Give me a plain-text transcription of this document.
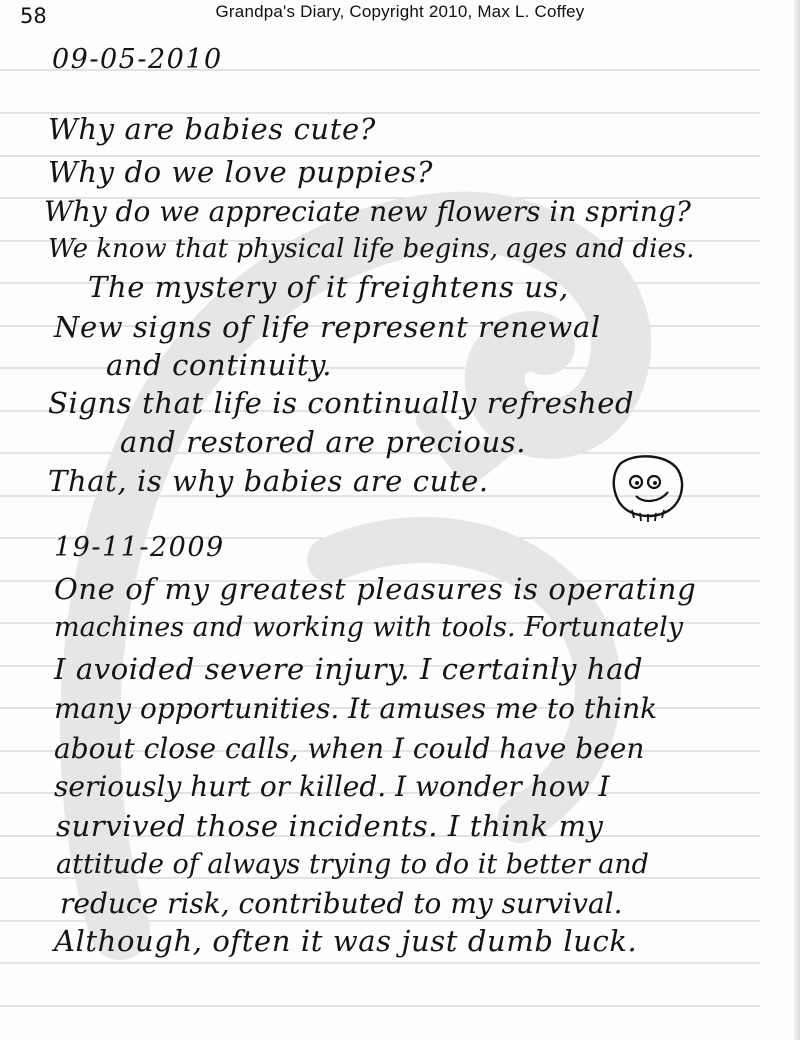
58	Grandpa's Diary, Copyright 2010, Max L. Coffey
09-05-2010
Why are babies cute?
Why do we love puppies?
Why do we appreciate new flowers in spring?
We know that physical life begins, ages and dies.
The mystery of it freightens us,
New signs of life represent renewal
and continuity.
Signs that life is continually refreshed
and restored are precious.
That, is why babies are cute.
19-11-2009
One of my greatest pleasures is operating
machines and working with tools. Fortunately
I avoided severe injury. I certainly had
many opportunities. It amuses me to think
about close calls, when I could have been
seriously hurt or killed. I wonder how I
survived those incidents. I think my
attitude of always trying to do it better and
reduce risk, contributed to my survival.
Although, often it was just dumb luck.
